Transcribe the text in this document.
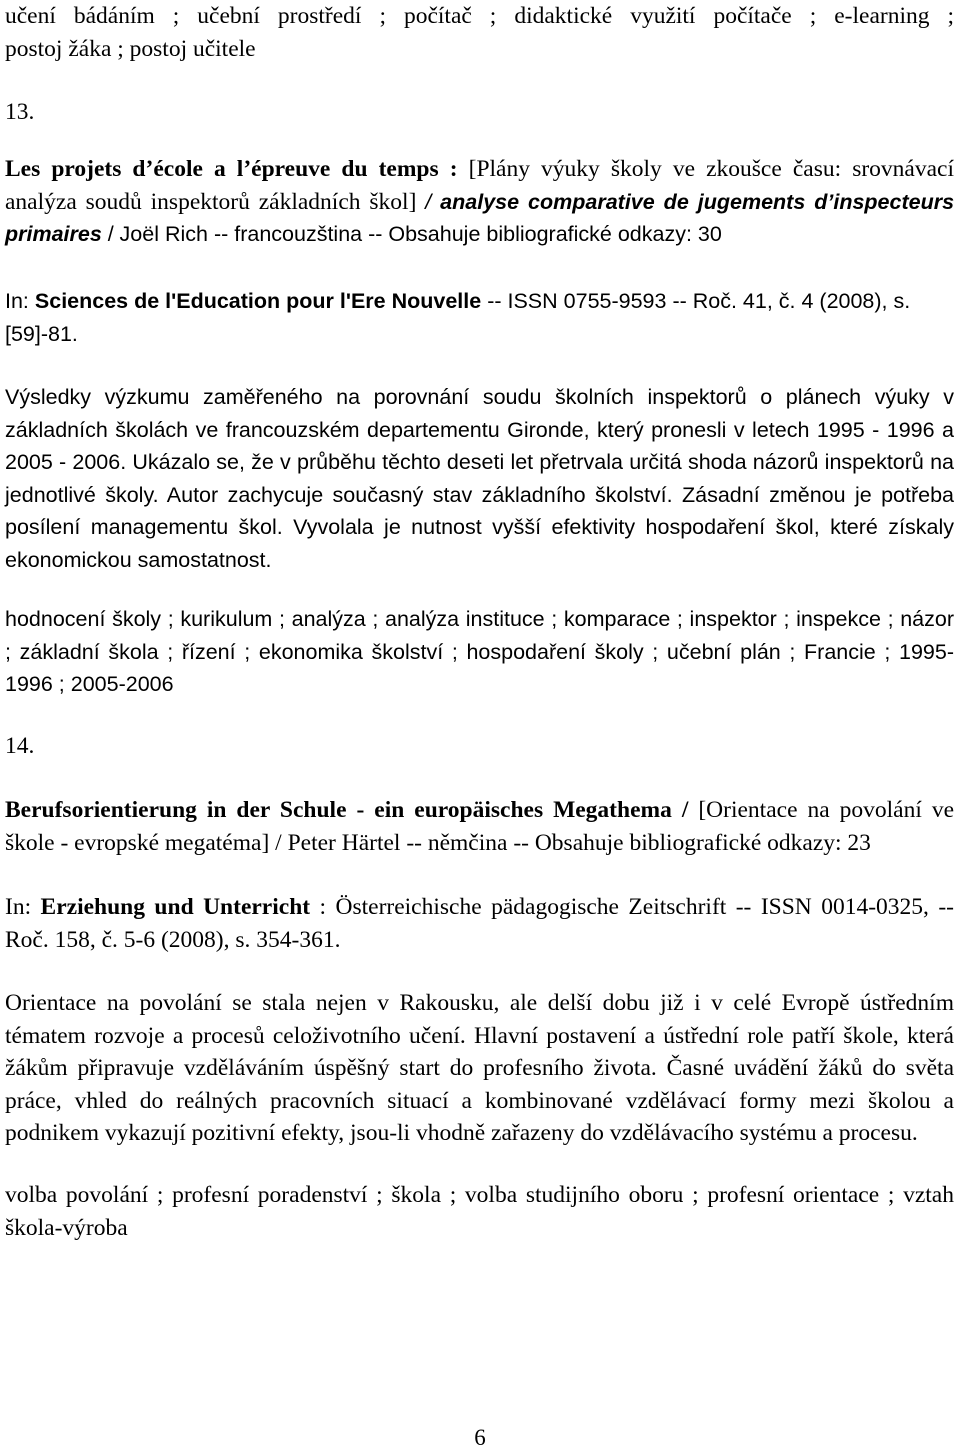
učení bádáním ; učební prostředí ; počítač ; didaktické využití počítače ; e-learning ;
postoj žáka ; postoj učitele
13.
Les projets d’école a l’épreuve du temps : [Plány výuky školy ve zkoušce času: srovnávací analýza soudů inspektorů základních škol] / analyse comparative de jugements d’inspecteurs primaires / Joël Rich -- francouzština -- Obsahuje bibliografické odkazy: 30
In: Sciences de l'Education pour l'Ere Nouvelle -- ISSN 0755-9593 -- Roč. 41, č. 4 (2008), s. [59]-81.
Výsledky výzkumu zaměřeného na porovnání soudu školních inspektorů o plánech výuky v základních školách ve francouzském departementu Gironde, který pronesli v letech 1995 - 1996 a 2005 - 2006. Ukázalo se, že v průběhu těchto deseti let přetrvala určitá shoda názorů inspektorů na jednotlivé školy. Autor zachycuje současný stav základního školství. Zásadní změnou je potřeba posílení managementu škol. Vyvolala je nutnost vyšší efektivity hospodaření škol, které získaly ekonomickou samostatnost.
hodnocení školy ; kurikulum ; analýza ; analýza instituce ; komparace ; inspektor ; inspekce ; názor ; základní škola ; řízení ; ekonomika školství ; hospodaření školy ; učební plán ; Francie ; 1995-1996 ; 2005-2006
14.
Berufsorientierung in der Schule - ein europäisches Megathema / [Orientace na povolání ve škole - evropské megatéma] / Peter Härtel -- němčina -- Obsahuje bibliografické odkazy: 23
In: Erziehung und Unterricht : Österreichische pädagogische Zeitschrift -- ISSN 0014-0325, -- Roč. 158, č. 5-6 (2008), s. 354-361.
Orientace na povolání se stala nejen v Rakousku, ale delší dobu již i v celé Evropě ústředním tématem rozvoje a procesů celoživotního učení. Hlavní postavení a ústřední role patří škole, která žákům připravuje vzděláváním úspěšný start do profesního života. Časné uvádění žáků do světa práce, vhled do reálných pracovních situací a kombinované vzdělávací formy mezi školou a podnikem vykazují pozitivní efekty, jsou-li vhodně zařazeny do vzdělávacího systému a procesu.
volba povolání ; profesní poradenství ; škola ; volba studijního oboru ; profesní orientace ; vztah škola-výroba
6
